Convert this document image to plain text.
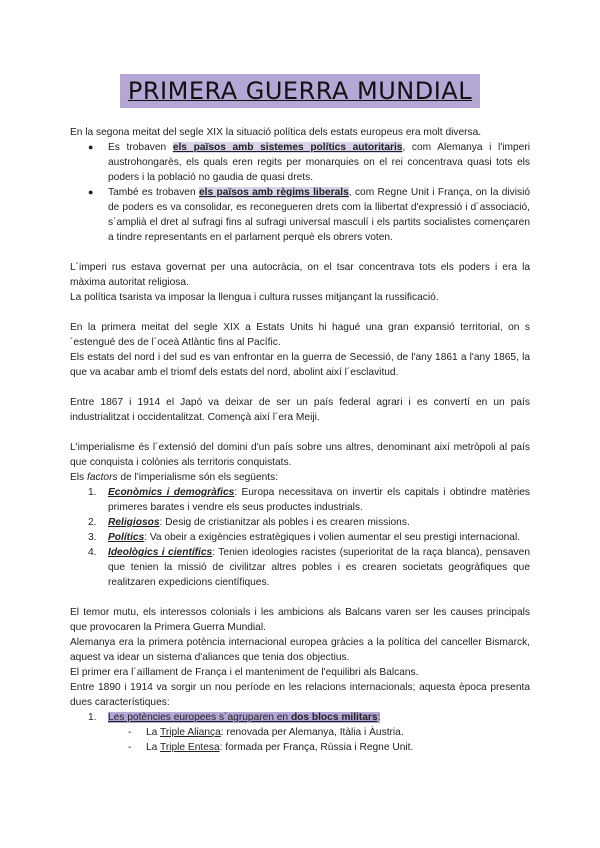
PRIMERA GUERRA MUNDIAL

En la segona meitat del segle XIX la situació política dels estats europeus era molt diversa.

● Es trobaven els països amb sistemes polítics autoritaris, com Alemanya i l'imperi austrohongarès, els quals eren regits per monarquies on el rei concentrava quasi tots els poders i la població no gaudia de quasi drets.
● També es trobaven els països amb règims liberals, com Regne Unit i França, on la divisió de poders es va consolidar, es reconegueren drets com la llibertat d'expressió i d´associació, s´amplià el dret al sufragi fins al sufragi universal masculí i els partits socialistes començaren a tindre representants en el parlament perquè els obrers voten.

L´imperi rus estava governat per una autocràcia, on el tsar concentrava tots els poders i era la màxima autoritat religiosa.

La política tsarista va imposar la llengua i cultura russes mitjançant la russificació.

En la primera meitat del segle XIX a Estats Units hi hagué una gran expansió territorial, on s´estengué des de l´oceà Atlàntic fins al Pacífic.

Els estats del nord i del sud es van enfrontar en la guerra de Secessió, de l'any 1861 a l'any 1865, la que va acabar amb el triomf dels estats del nord, abolint així l´esclavitud.

Entre 1867 i 1914 el Japó va deixar de ser un país federal agrari i es convertí en un país industrialitzat i occidentalitzat. Començà així l´era Meiji.

L'imperialisme és l´extensió del domini d'un país sobre uns altres, denominant així metròpoli al país que conquista i colònies als territoris conquistats.

Els factors de l'imperialisme són els següents:

1. Econòmics i demogràfics: Europa necessitava on invertir els capitals i obtindre matèries primeres barates i vendre els seus productes industrials.
2. Religiosos: Desig de cristianitzar als pobles i es crearen missions.
3. Polítics: Va obeir a exigències estratègiques i volien aumentar el seu prestigi internacional.
4. Ideològics i científics: Tenien ideologies racistes (superioritat de la raça blanca), pensaven que tenien la missió de civilitzar altres pobles i es crearen societats geogràfiques que realitzaren expedicions científiques.

El temor mutu, els interessos colonials i les ambicions als Balcans varen ser les causes principals que provocaren la Primera Guerra Mundial.

Alemanya era la primera potència internacional europea gràcies a la política del canceller Bismarck, aquest va idear un sistema d'aliances que tenia dos objectius.

El primer era l´aïllament de França i el manteniment de l'equilibri als Balcans.

Entre 1890 i 1914 va sorgir un nou període en les relacions internacionals; aquesta època presenta dues característiques:

1. Les potències europees s´agruparen en dos blocs militars:
- La Triple Aliança: renovada per Alemanya, Itàlia i Àustria.
- La Triple Entesa: formada per França, Rússia i Regne Unit.
